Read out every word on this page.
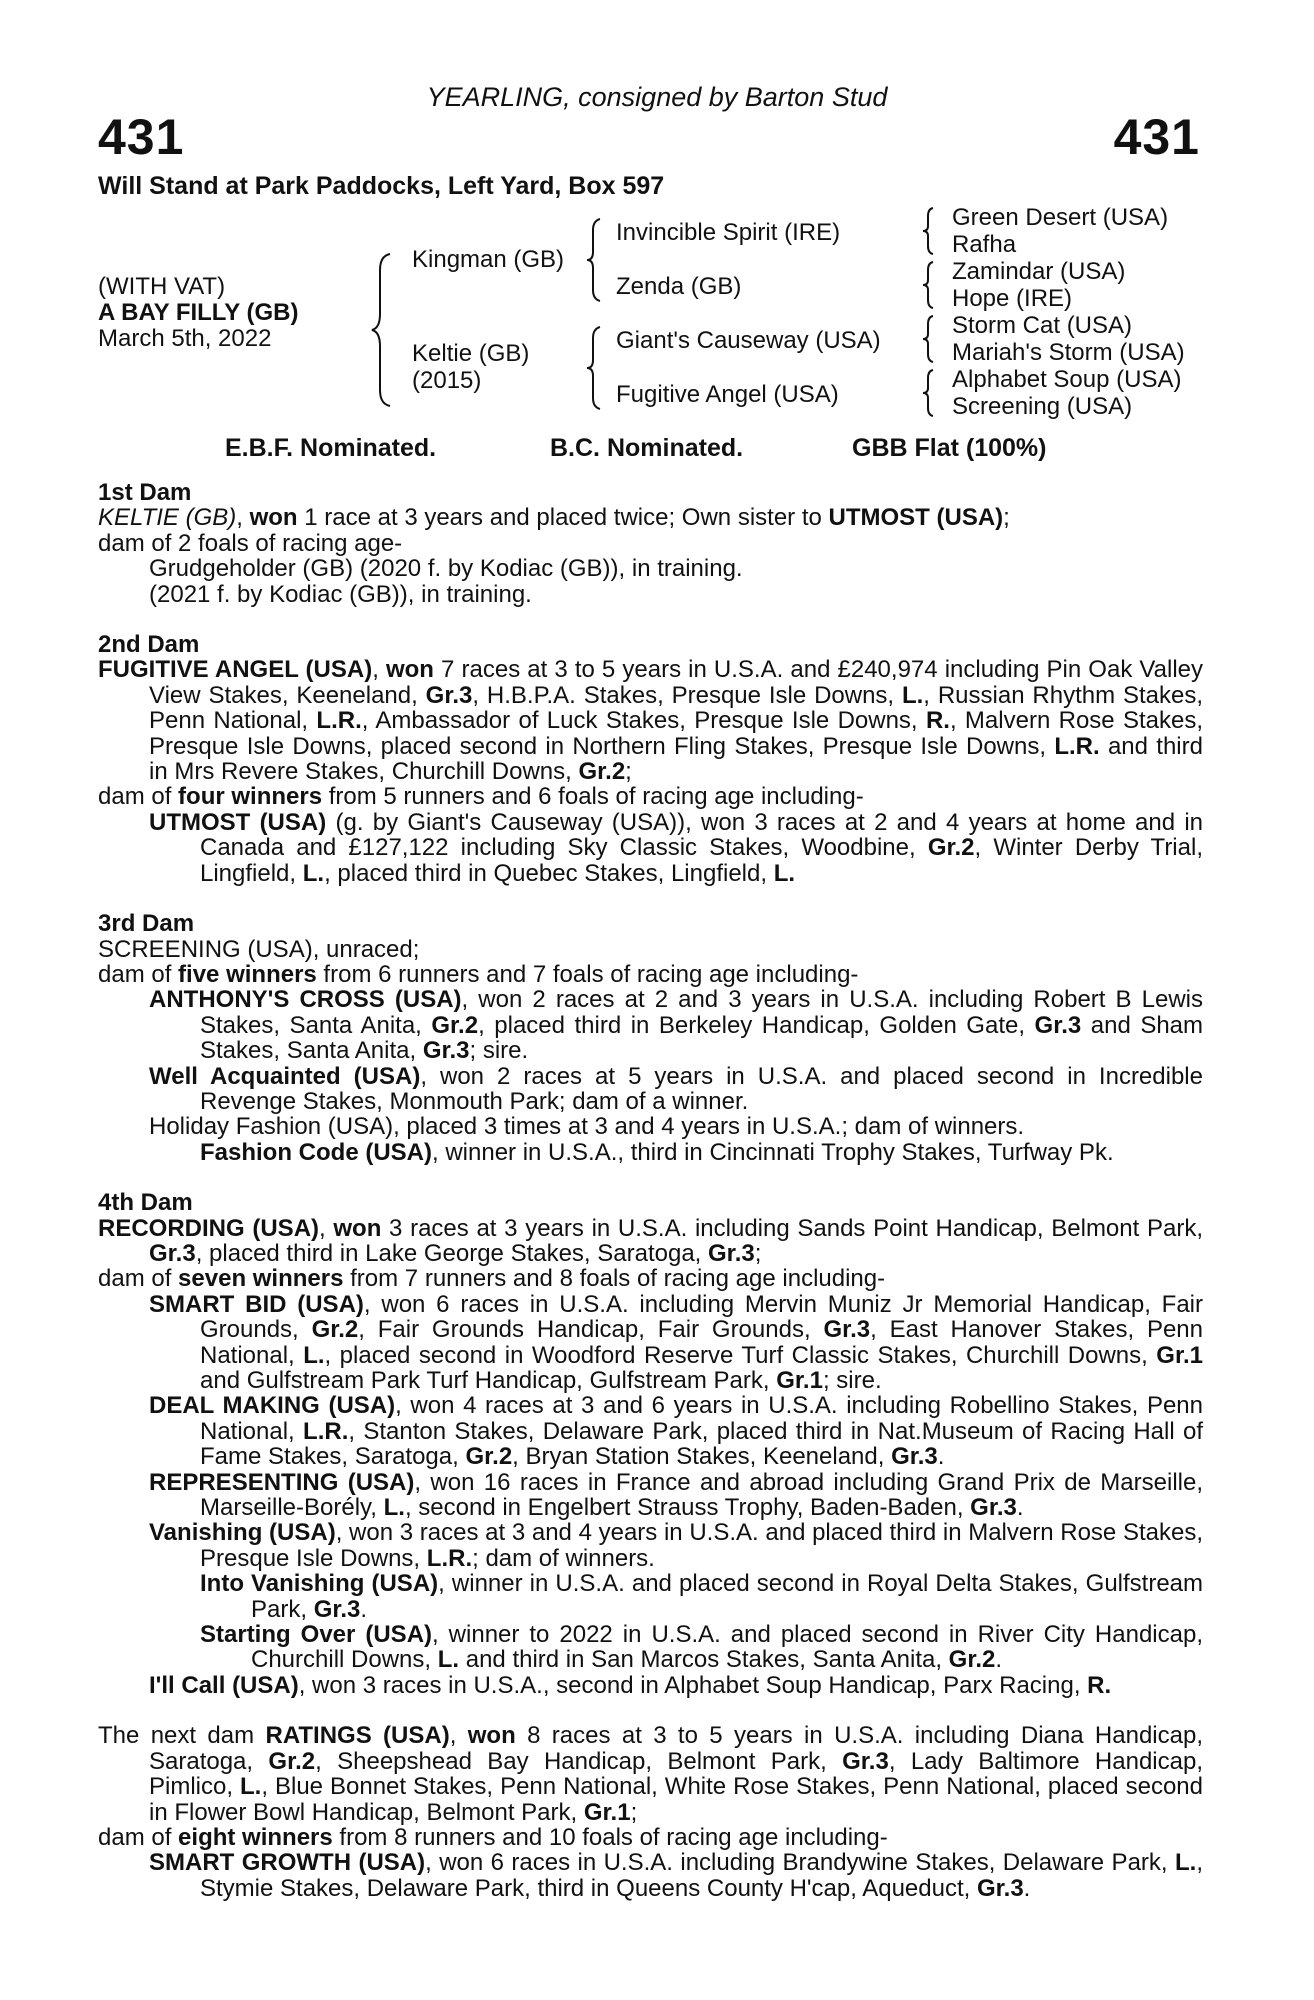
YEARLING, consigned by Barton Stud
431	431
Will Stand at Park Paddocks, Left Yard, Box 597
(WITH VAT)
A BAY FILLY (GB)
March 5th, 2022
Kingman (GB)
Keltie (GB)
(2015)
Invincible Spirit (IRE)
Zenda (GB)
Giant's Causeway (USA)
Fugitive Angel (USA)
Green Desert (USA)
Rafha
Zamindar (USA)
Hope (IRE)
Storm Cat (USA)
Mariah's Storm (USA)
Alphabet Soup (USA)
Screening (USA)
E.B.F. Nominated.	B.C. Nominated.	GBB Flat (100%)
1st Dam
KELTIE (GB), won 1 race at 3 years and placed twice; Own sister to UTMOST (USA);
dam of 2 foals of racing age-
Grudgeholder (GB) (2020 f. by Kodiac (GB)), in training.
(2021 f. by Kodiac (GB)), in training.
2nd Dam
FUGITIVE ANGEL (USA), won 7 races at 3 to 5 years in U.S.A. and £240,974 including Pin Oak Valley View Stakes, Keeneland, Gr.3, H.B.P.A. Stakes, Presque Isle Downs, L., Russian Rhythm Stakes, Penn National, L.R., Ambassador of Luck Stakes, Presque Isle Downs, R., Malvern Rose Stakes, Presque Isle Downs, placed second in Northern Fling Stakes, Presque Isle Downs, L.R. and third in Mrs Revere Stakes, Churchill Downs, Gr.2;
dam of four winners from 5 runners and 6 foals of racing age including-
UTMOST (USA) (g. by Giant's Causeway (USA)), won 3 races at 2 and 4 years at home and in Canada and £127,122 including Sky Classic Stakes, Woodbine, Gr.2, Winter Derby Trial, Lingfield, L., placed third in Quebec Stakes, Lingfield, L.
3rd Dam
SCREENING (USA), unraced;
dam of five winners from 6 runners and 7 foals of racing age including-
ANTHONY'S CROSS (USA), won 2 races at 2 and 3 years in U.S.A. including Robert B Lewis Stakes, Santa Anita, Gr.2, placed third in Berkeley Handicap, Golden Gate, Gr.3 and Sham Stakes, Santa Anita, Gr.3; sire.
Well Acquainted (USA), won 2 races at 5 years in U.S.A. and placed second in Incredible Revenge Stakes, Monmouth Park; dam of a winner.
Holiday Fashion (USA), placed 3 times at 3 and 4 years in U.S.A.; dam of winners.
Fashion Code (USA), winner in U.S.A., third in Cincinnati Trophy Stakes, Turfway Pk.
4th Dam
RECORDING (USA), won 3 races at 3 years in U.S.A. including Sands Point Handicap, Belmont Park, Gr.3, placed third in Lake George Stakes, Saratoga, Gr.3;
dam of seven winners from 7 runners and 8 foals of racing age including-
SMART BID (USA), won 6 races in U.S.A. including Mervin Muniz Jr Memorial Handicap, Fair Grounds, Gr.2, Fair Grounds Handicap, Fair Grounds, Gr.3, East Hanover Stakes, Penn National, L., placed second in Woodford Reserve Turf Classic Stakes, Churchill Downs, Gr.1 and Gulfstream Park Turf Handicap, Gulfstream Park, Gr.1; sire.
DEAL MAKING (USA), won 4 races at 3 and 6 years in U.S.A. including Robellino Stakes, Penn National, L.R., Stanton Stakes, Delaware Park, placed third in Nat.Museum of Racing Hall of Fame Stakes, Saratoga, Gr.2, Bryan Station Stakes, Keeneland, Gr.3.
REPRESENTING (USA), won 16 races in France and abroad including Grand Prix de Marseille, Marseille-Borély, L., second in Engelbert Strauss Trophy, Baden-Baden, Gr.3.
Vanishing (USA), won 3 races at 3 and 4 years in U.S.A. and placed third in Malvern Rose Stakes, Presque Isle Downs, L.R.; dam of winners.
Into Vanishing (USA), winner in U.S.A. and placed second in Royal Delta Stakes, Gulfstream Park, Gr.3.
Starting Over (USA), winner to 2022 in U.S.A. and placed second in River City Handicap, Churchill Downs, L. and third in San Marcos Stakes, Santa Anita, Gr.2.
I'll Call (USA), won 3 races in U.S.A., second in Alphabet Soup Handicap, Parx Racing, R.
The next dam RATINGS (USA), won 8 races at 3 to 5 years in U.S.A. including Diana Handicap, Saratoga, Gr.2, Sheepshead Bay Handicap, Belmont Park, Gr.3, Lady Baltimore Handicap, Pimlico, L., Blue Bonnet Stakes, Penn National, White Rose Stakes, Penn National, placed second in Flower Bowl Handicap, Belmont Park, Gr.1;
dam of eight winners from 8 runners and 10 foals of racing age including-
SMART GROWTH (USA), won 6 races in U.S.A. including Brandywine Stakes, Delaware Park, L., Stymie Stakes, Delaware Park, third in Queens County H'cap, Aqueduct, Gr.3.
